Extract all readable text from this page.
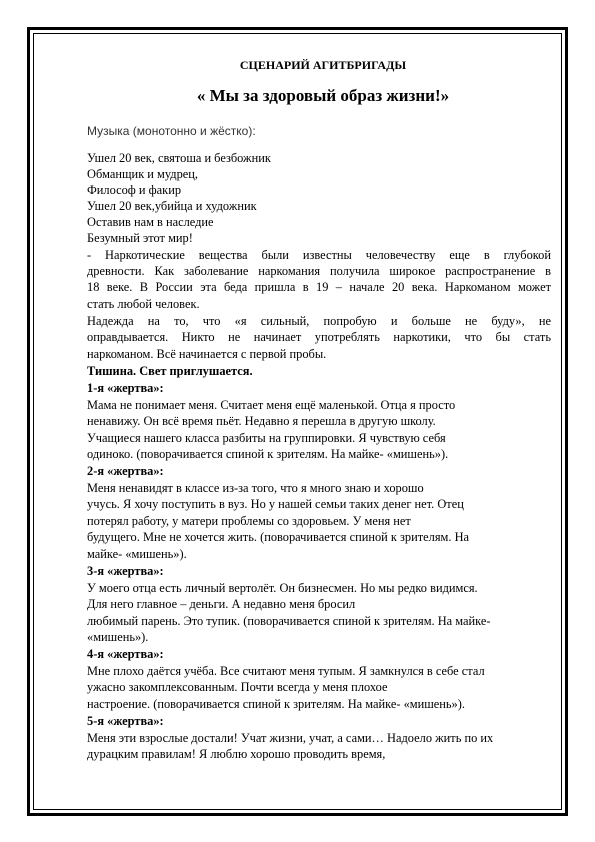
СЦЕНАРИЙ АГИТБРИГАДЫ
« Мы за здоровый образ жизни!»
Музыка (монотонно и жёстко):
Ушел 20 век, святоша и безбожник
Обманщик и мудрец,
Философ и факир
Ушел 20 век,убийца и художник
Оставив нам в наследие
Безумный этот мир!
- Наркотические вещества были известны человечеству еще в глубокой
древности. Как заболевание наркомания получила широкое распространение в
18 веке. В России эта беда пришла в 19 – начале 20 века. Наркоманом может
стать любой человек.
Надежда на то, что «я сильный, попробую и больше не буду», не
оправдывается. Никто не начинает употреблять наркотики, что бы стать
наркоманом. Всё начинается с первой пробы.
Тишина. Свет приглушается.
1-я «жертва»:
Мама не понимает меня. Считает меня ещё маленькой. Отца я просто
ненавижу. Он всё время пьёт. Недавно я перешла в другую школу.
Учащиеся нашего класса разбиты на группировки. Я чувствую себя
одиноко. (поворачивается спиной к зрителям. На майке- «мишень»).
2-я «жертва»:
Меня ненавидят в классе из-за того, что я много знаю и хорошо
учусь. Я хочу поступить в вуз. Но у нашей семьи таких денег нет. Отец
потерял работу, у матери проблемы со здоровьем. У меня нет
будущего. Мне не хочется жить. (поворачивается спиной к зрителям. На
майке- «мишень»).
3-я «жертва»:
У моего отца есть личный вертолёт. Он бизнесмен. Но мы редко видимся.
Для него главное – деньги. А недавно меня бросил
любимый парень. Это тупик. (поворачивается спиной к зрителям. На майке-
«мишень»).
4-я «жертва»:
Мне плохо даётся учёба. Все считают меня тупым. Я замкнулся в себе стал
ужасно закомплексованным. Почти всегда у меня плохое
настроение. (поворачивается спиной к зрителям. На майке- «мишень»).
5-я «жертва»:
Меня эти взрослые достали! Учат жизни, учат, а сами… Надоело жить по их
дурацким правилам! Я люблю хорошо проводить время,
